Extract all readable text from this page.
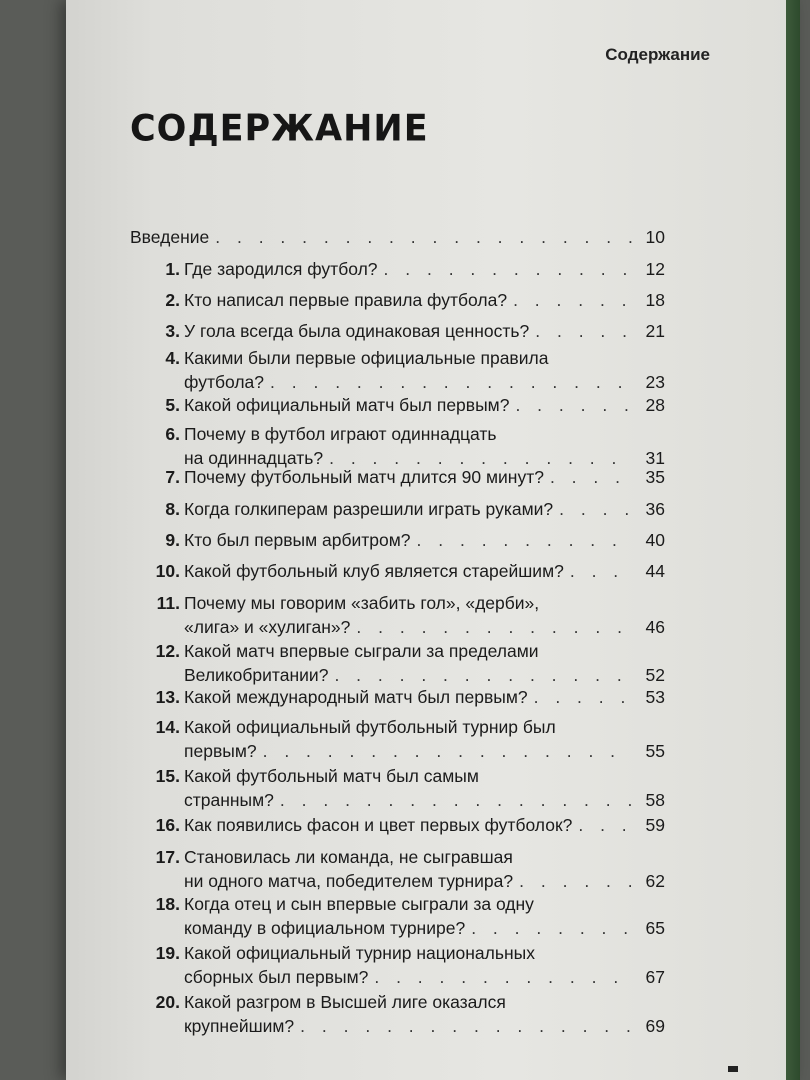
Содержание
СОДЕРЖАНИЕ
Введение . . .	10
1. Где зародился футбол? . . .	12
2. Кто написал первые правила футбола? . . .	18
3. У гола всегда была одинаковая ценность? . . .	21
4. Какими были первые официальные правила
футбола? . . .	23
5. Какой официальный матч был первым? . . .	28
6. Почему в футбол играют одиннадцать
на одиннадцать? . . .	31
7. Почему футбольный матч длится 90 минут? . . .	35
8. Когда голкиперам разрешили играть руками? . . .	36
9. Кто был первым арбитром? . . .	40
10. Какой футбольный клуб является старейшим? . . .	44
11. Почему мы говорим «забить гол», «дерби»,
«лига» и «хулиган»? . . .	46
12. Какой матч впервые сыграли за пределами
Великобритании? . . .	52
13. Какой международный матч был первым? . . .	53
14. Какой официальный футбольный турнир был
первым? . . .	55
15. Какой футбольный матч был самым
странным? . . .	58
16. Как появились фасон и цвет первых футболок? . . .	59
17. Становилась ли команда, не сыгравшая
ни одного матча, победителем турнира? . . .	62
18. Когда отец и сын впервые сыграли за одну
команду в официальном турнире? . . .	65
19. Какой официальный турнир национальных
сборных был первым? . . .	67
20. Какой разгром в Высшей лиге оказался
крупнейшим? . . .	69
